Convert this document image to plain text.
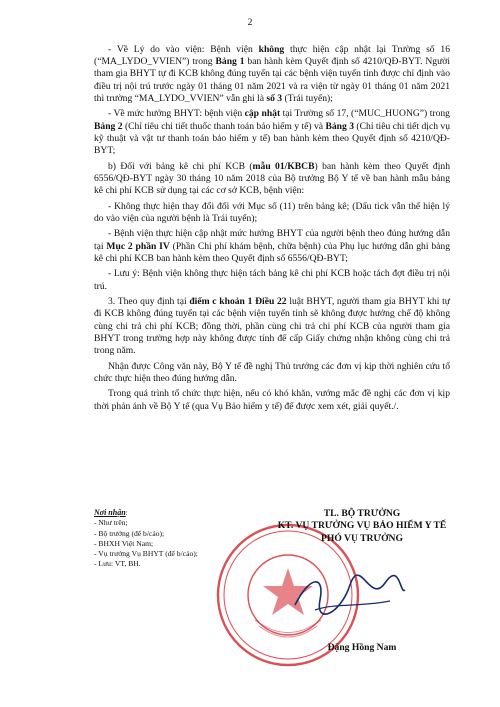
2

- Về Lý do vào viện: Bệnh viện không thực hiện cập nhật lại Trường số 16 (“MA_LYDO_VVIEN”) trong Bảng 1 ban hành kèm Quyết định số 4210/QĐ-BYT. Người tham gia BHYT tự đi KCB không đúng tuyến tại các bệnh viện tuyến tỉnh được chỉ định vào điều trị nội trú trước ngày 01 tháng 01 năm 2021 và ra viện từ ngày 01 tháng 01 năm 2021 thì trường “MA_LYDO_VVIEN” vẫn ghi là số 3 (Trái tuyến);

- Về mức hưởng BHYT: bệnh viện cập nhật tại Trường số 17, (“MUC_HUONG”) trong Bảng 2 (Chỉ tiêu chi tiết thuốc thanh toán bảo hiểm y tế) và Bảng 3 (Chỉ tiêu chi tiết dịch vụ kỹ thuật và vật tư thanh toán bảo hiểm y tế) ban hành kèm theo Quyết định số 4210/QĐ-BYT;

b) Đối với bảng kê chi phí KCB (mẫu 01/KBCB) ban hành kèm theo Quyết định 6556/QĐ-BYT ngày 30 tháng 10 năm 2018 của Bộ trưởng Bộ Y tế về ban hành mẫu bảng kê chi phí KCB sử dụng tại các cơ sở KCB, bệnh viện:

- Không thực hiện thay đổi đối với Mục số (11) trên bảng kê; (Dấu tick vẫn thể hiện lý do vào viện của người bệnh là Trái tuyến);

- Bệnh viện thực hiện cập nhật mức hưởng BHYT của người bệnh theo đúng hướng dẫn tại Mục 2 phần IV (Phần Chi phí khám bệnh, chữa bệnh) của Phụ lục hướng dẫn ghi bảng kê chi phí KCB ban hành kèm theo Quyết định số 6556/QĐ-BYT;

- Lưu ý: Bệnh viện không thực hiện tách bảng kê chi phí KCB hoặc tách đợt điều trị nội trú.

3. Theo quy định tại điểm c khoản 1 Điều 22 luật BHYT, người tham gia BHYT khi tự đi KCB không đúng tuyến tại các bệnh viện tuyến tỉnh sẽ không được hưởng chế độ không cùng chi trả chi phí KCB; đồng thời, phần cùng chi trả chi phí KCB của người tham gia BHYT trong trường hợp này không được tính để cấp Giấy chứng nhận không cùng chi trả trong năm.

Nhận được Công văn này, Bộ Y tế đề nghị Thủ trưởng các đơn vị kịp thời nghiên cứu tổ chức thực hiện theo đúng hướng dẫn.

Trong quá trình tổ chức thực hiện, nếu có khó khăn, vướng mắc đề nghị các đơn vị kịp thời phản ánh về Bộ Y tế (qua Vụ Bảo hiểm y tế) để được xem xét, giải quyết./.

Nơi nhận:
- Như trên;
- Bộ trưởng (để b/cáo);
- BHXH Việt Nam;
- Vụ trưởng Vụ BHYT (để b/cáo);
- Lưu: VT, BH.
TL. BỘ TRƯỞNG
KT. VỤ TRƯỞNG VỤ BẢO HIỂM Y TẾ
PHÓ VỤ TRƯỞNG
Đặng Hồng Nam
